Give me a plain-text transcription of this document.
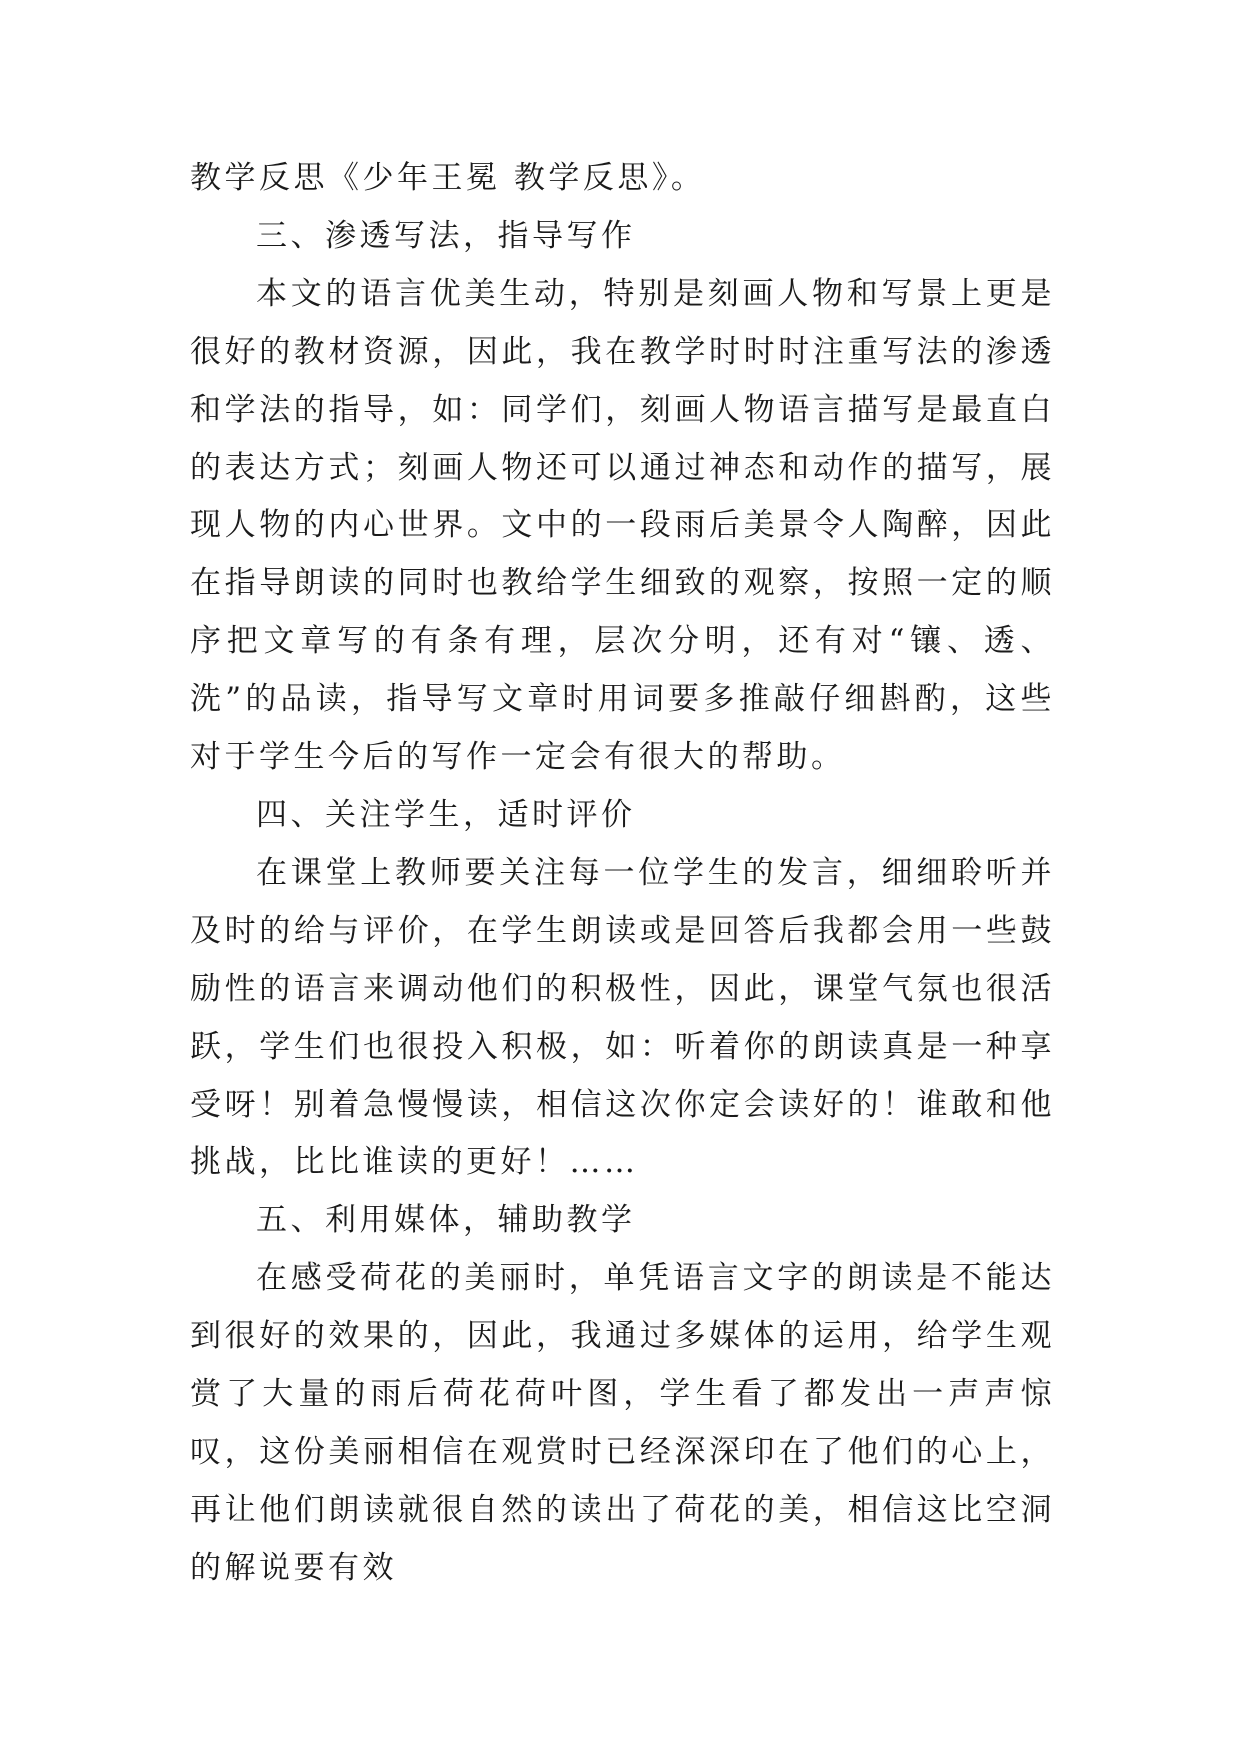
教学反思《少年王冕 教学反思》。

三、渗透写法，指导写作

本文的语言优美生动，特别是刻画人物和写景上更是很好的教材资源，因此，我在教学时时时注重写法的渗透和学法的指导，如：同学们，刻画人物语言描写是最直白的表达方式；刻画人物还可以通过神态和动作的描写，展现人物的内心世界。文中的一段雨后美景令人陶醉，因此在指导朗读的同时也教给学生细致的观察，按照一定的顺序把文章写的有条有理，层次分明，还有对“镶、透、洗”的品读，指导写文章时用词要多推敲仔细斟酌，这些对于学生今后的写作一定会有很大的帮助。

四、关注学生，适时评价

在课堂上教师要关注每一位学生的发言，细细聆听并及时的给与评价，在学生朗读或是回答后我都会用一些鼓励性的语言来调动他们的积极性，因此，课堂气氛也很活跃，学生们也很投入积极，如：听着你的朗读真是一种享受呀！别着急慢慢读，相信这次你定会读好的！谁敢和他挑战，比比谁读的更好！……

五、利用媒体，辅助教学

在感受荷花的美丽时，单凭语言文字的朗读是不能达到很好的效果的，因此，我通过多媒体的运用，给学生观赏了大量的雨后荷花荷叶图，学生看了都发出一声声惊叹，这份美丽相信在观赏时已经深深印在了他们的心上，再让他们朗读就很自然的读出了荷花的美，相信这比空洞的解说要有效
